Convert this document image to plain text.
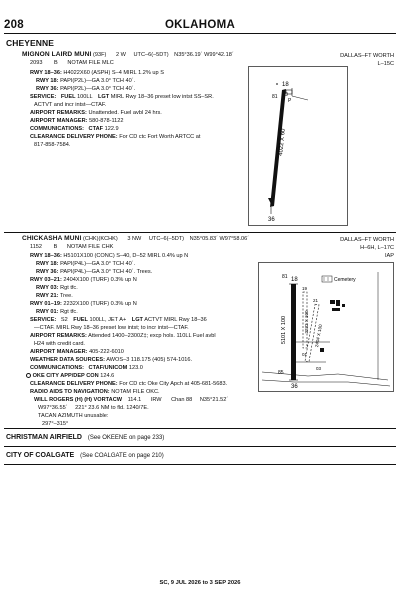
208	OKLAHOMA
CHEYENNE
MIGNON LAIRD MUNI (93F) 2 W UTC–6(–5DT) N35°36.19´ W99°42.18´	DALLAS–FT WORTH
2093 B NOTAM FILE MLC	L–15C
RWY 18–36: H4022X60 (ASPH) S–4 MIRL 1.2% up S
RWY 18: PAPI(P2L)—GA 3.0° TCH 40´.
RWY 36: PAPI(P2L)—GA 3.0° TCH 40´.
SERVICE: FUEL 100LL LGT MIRL Rwy 18–36 preset low intst SS–SR.
ACTVT and incr intst—CTAF.
AIRPORT REMARKS: Unattended. Fuel avbl 24 hrs.
AIRPORT MANAGER: 580-878-1122
COMMUNICATIONS: CTAF 122.9
CLEARANCE DELIVERY PHONE: For CD ctc Fort Worth ARTCC at
817-858-7584.	4022 X 60
18
36
81
P
CHICKASHA MUNI (CHK)(KCHK) 3 NW UTC–6(–5DT) N35°05.83´ W97°58.06´	DALLAS–FT WORTH
1152 B NOTAM FILE CHK	H–6H, L–17C
IAP
RWY 18–36: H5101X100 (CONC) S–40, D–52 MIRL 0.4% up N
RWY 18: PAPI(P4L)—GA 3.0° TCH 40´.
RWY 36: PAPI(P4L)—GA 3.0° TCH 40´. Trees.
RWY 03–21: 2404X100 (TURF) 0.3% up N
RWY 03: Rgt tfc.
RWY 21: Tree.
RWY 01–19: 2232X100 (TURF) 0.3% up N
RWY 01: Rgt tfc.
SERVICE: S2 FUEL 100LL, JET A+ LGT ACTVT MIRL Rwy 18–36
—CTAF. MIRL Rwy 18–36 preset low intst; to incr intst—CTAF.
AIRPORT REMARKS: Attended 1400–2300Z‡; excp hols. 110LL Fuel avbl
H24 with credit card.
AIRPORT MANAGER: 405-222-6010
WEATHER DATA SOURCES: AWOS–3 118.175 (405) 574-1016.
COMMUNICATIONS: CTAF/UNICOM 123.0
OKE CITY APP/DEP CON 124.6
CLEARANCE DELIVERY PHONE: For CD ctc Oke City Apch at 405-681-5683.
RADIO AIDS TO NAVIGATION: NOTAM FILE OKC.
WILL ROGERS (H) (H) VORTACW 114.1 IRW Chan 88 N35°21.52´
W97°36.55´ 221° 23.6 NM to fld. 1240/7E.
TACAN AZIMUTH unusable:
297°–315°
Cemetery
5101 X 100
18
36
2232 X 100
2404 X 100
01
19
21
03
81
85
CHRISTMAN AIRFIELD (See OKEENE on page 233)
CITY OF COALGATE (See COALGATE on page 210)
SC, 9 JUL 2026 to 3 SEP 2026
